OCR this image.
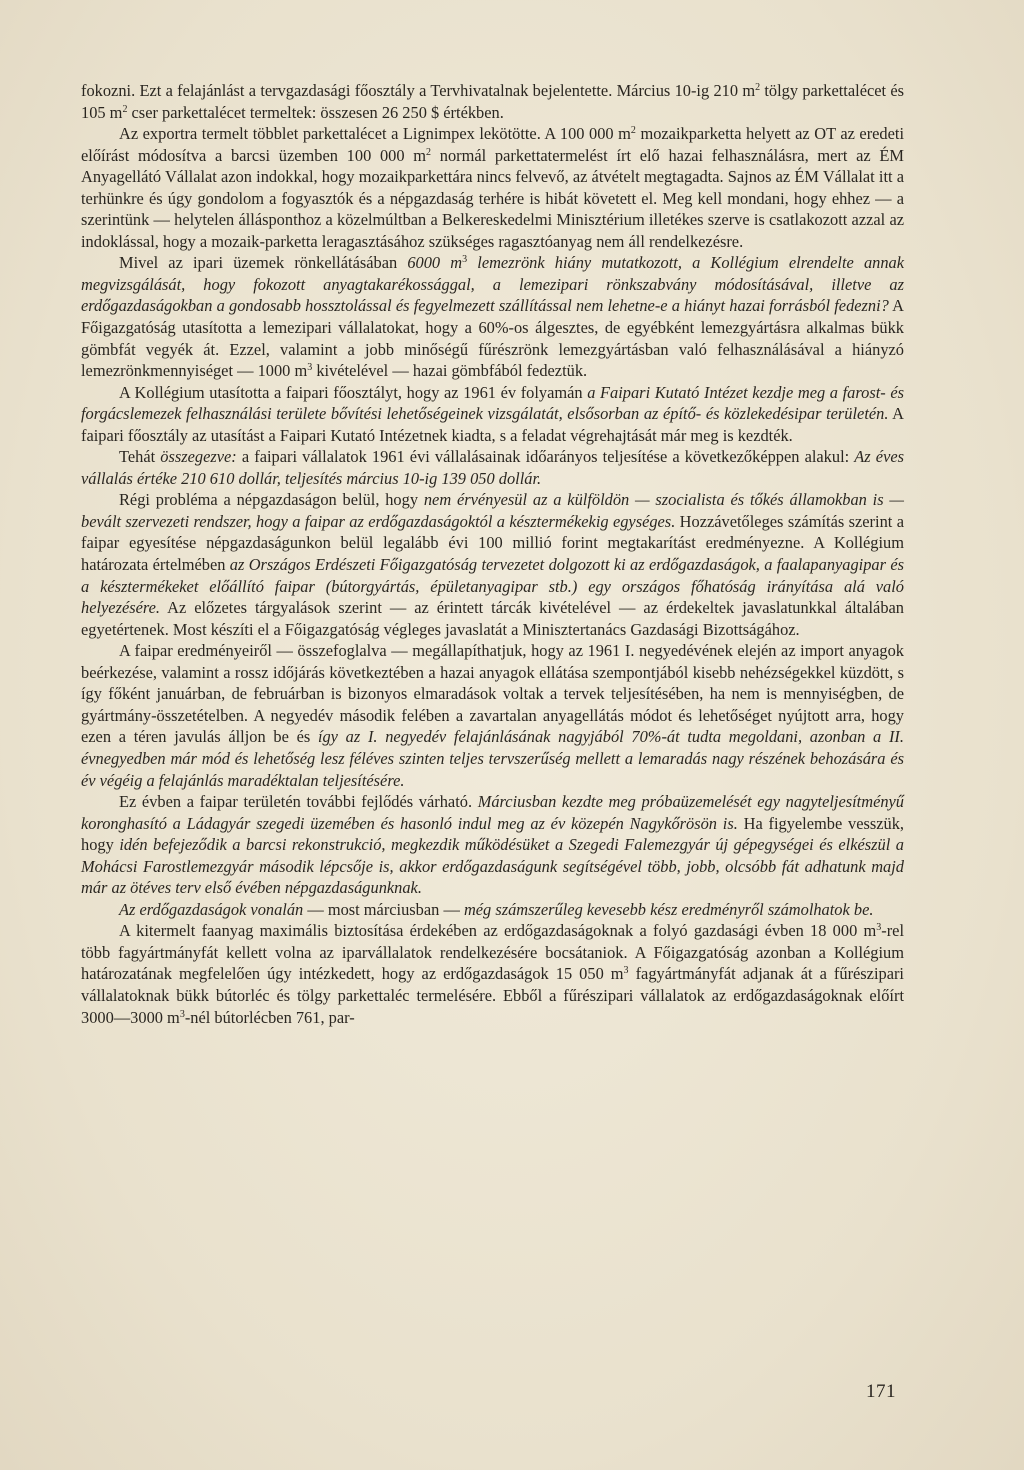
fokozni. Ezt a felajánlást a tervgazdasági főosztály a Tervhivatalnak bejelentette. Március 10-ig 210 $m^2$ tölgy parkettalécet és 105 $m^2$ cser parkettalécet termeltek: összesen 26 250 $ értékben.

Az exportra termelt többlet parkettalécet a Lignimpex lekötötte. A 100 000 $m^2$ mozaikparketta helyett az OT az eredeti előírást módosítva a barcsi üzemben 100 000 $m^2$ normál parkettatermelést írt elő hazai felhasználásra, mert az ÉM Anyagellátó Vállalat azon indokkal, hogy mozaikparkettára nincs felvevő, az átvételt megtagadta. Sajnos az ÉM Vállalat itt a terhünkre és úgy gondolom a fogyasztók és a népgazdaság terhére is hibát követett el. Meg kell mondani, hogy ehhez — a szerintünk — helytelen állásponthoz a közelmúltban a Belkereskedelmi Minisztérium illetékes szerve is csatlakozott azzal az indoklással, hogy a mozaik-parketta leragasztásához szükséges ragasztóanyag nem áll rendelkezésre.

Mivel az ipari üzemek rönkellátásában 6000 $m^3$ lemezrönk hiány mutatkozott, a Kollégium elrendelte annak megvizsgálását, hogy fokozott anyagtakarékossággal, a lemezipari rönkszabvány módosításával, illetve az erdőgazdaságokban a gondosabb hossztolással és fegyelmezett szállítással nem lehetne-e a hiányt hazai forrásból fedezni? A Főigazgatóság utasította a lemezipari vállalatokat, hogy a 60%-os álgesztes, de egyébként lemezgyártásra alkalmas bükk gömbfát vegyék át. Ezzel, valamint a jobb minőségű fűrészrönk lemezgyártásban való felhasználásával a hiányzó lemezrönkmennyiséget — 1000 $m^3$ kivételével — hazai gömbfából fedeztük.

A Kollégium utasította a faipari főosztályt, hogy az 1961 év folyamán a Faipari Kutató Intézet kezdje meg a farost- és forgácslemezek felhasználási területe bővítési lehetőségeinek vizsgálatát, elsősorban az építő- és közlekedésipar területén. A faipari főosztály az utasítást a Faipari Kutató Intézetnek kiadta, s a feladat végrehajtását már meg is kezdték.

Tehát összegezve: a faipari vállalatok 1961 évi vállalásainak időarányos teljesítése a következőképpen alakul: Az éves vállalás értéke 210 610 dollár, teljesítés március 10-ig 139 050 dollár.

Régi probléma a népgazdaságon belül, hogy nem érvényesül az a külföldön — szocialista és tőkés államokban is — bevált szervezeti rendszer, hogy a faipar az erdőgazdaságoktól a késztermékekig egységes. Hozzávetőleges számítás szerint a faipar egyesítése népgazdaságunkon belül legalább évi 100 millió forint megtakarítást eredményezne. A Kollégium határozata értelmében az Országos Erdészeti Főigazgatóság tervezetet dolgozott ki az erdőgazdaságok, a faalapanyagipar és a késztermékeket előállító faipar (bútorgyártás, épületanyagipar stb.) egy országos főhatóság irányítása alá való helyezésére. Az előzetes tárgyalások szerint — az érintett tárcák kivételével — az érdekeltek javaslatunkkal általában egyetértenek. Most készíti el a Főigazgatóság végleges javaslatát a Minisztertanács Gazdasági Bizottságához.

A faipar eredményeiről — összefoglalva — megállapíthatjuk, hogy az 1961 I. negyedévének elején az import anyagok beérkezése, valamint a rossz időjárás következtében a hazai anyagok ellátása szempontjából kisebb nehézségekkel küzdött, s így főként januárban, de februárban is bizonyos elmaradások voltak a tervek teljesítésében, ha nem is mennyiségben, de gyártmány-összetételben. A negyedév második felében a zavartalan anyagellátás módot és lehetőséget nyújtott arra, hogy ezen a téren javulás álljon be és így az I. negyedév felajánlásának nagyjából 70%-át tudta megoldani, azonban a II. évnegyedben már mód és lehetőség lesz féléves szinten teljes tervszerűség mellett a lemaradás nagy részének behozására és év végéig a felajánlás maradéktalan teljesítésére.

Ez évben a faipar területén további fejlődés várható. Márciusban kezdte meg próbaüzemelését egy nagyteljesítményű koronghasító a Ládagyár szegedi üzemében és hasonló indul meg az év közepén Nagykőrösön is. Ha figyelembe vesszük, hogy idén befejeződik a barcsi rekonstrukció, megkezdik működésüket a Szegedi Falemezgyár új gépegységei és elkészül a Mohácsi Farostlemezgyár második lépcsője is, akkor erdőgazdaságunk segítségével több, jobb, olcsóbb fát adhatunk majd már az ötéves terv első évében népgazdaságunknak.

Az erdőgazdaságok vonalán — most márciusban — még számszerűleg kevesebb kész eredményről számolhatok be.

A kitermelt faanyag maximális biztosítása érdekében az erdőgazdaságoknak a folyó gazdasági évben 18 000 $m^3$-rel több fagyártmányfát kellett volna az iparvállalatok rendelkezésére bocsátaniok. A Főigazgatóság azonban a Kollégium határozatának megfelelően úgy intézkedett, hogy az erdőgazdaságok 15 050 $m^3$ fagyártmányfát adjanak át a fűrészipari vállalatoknak bükk bútorléc és tölgy parkettaléc termelésére. Ebből a fűrészipari vállalatok az erdőgazdaságoknak előírt 3000—3000 $m^3$-nél bútorlécben 761, par-

171
